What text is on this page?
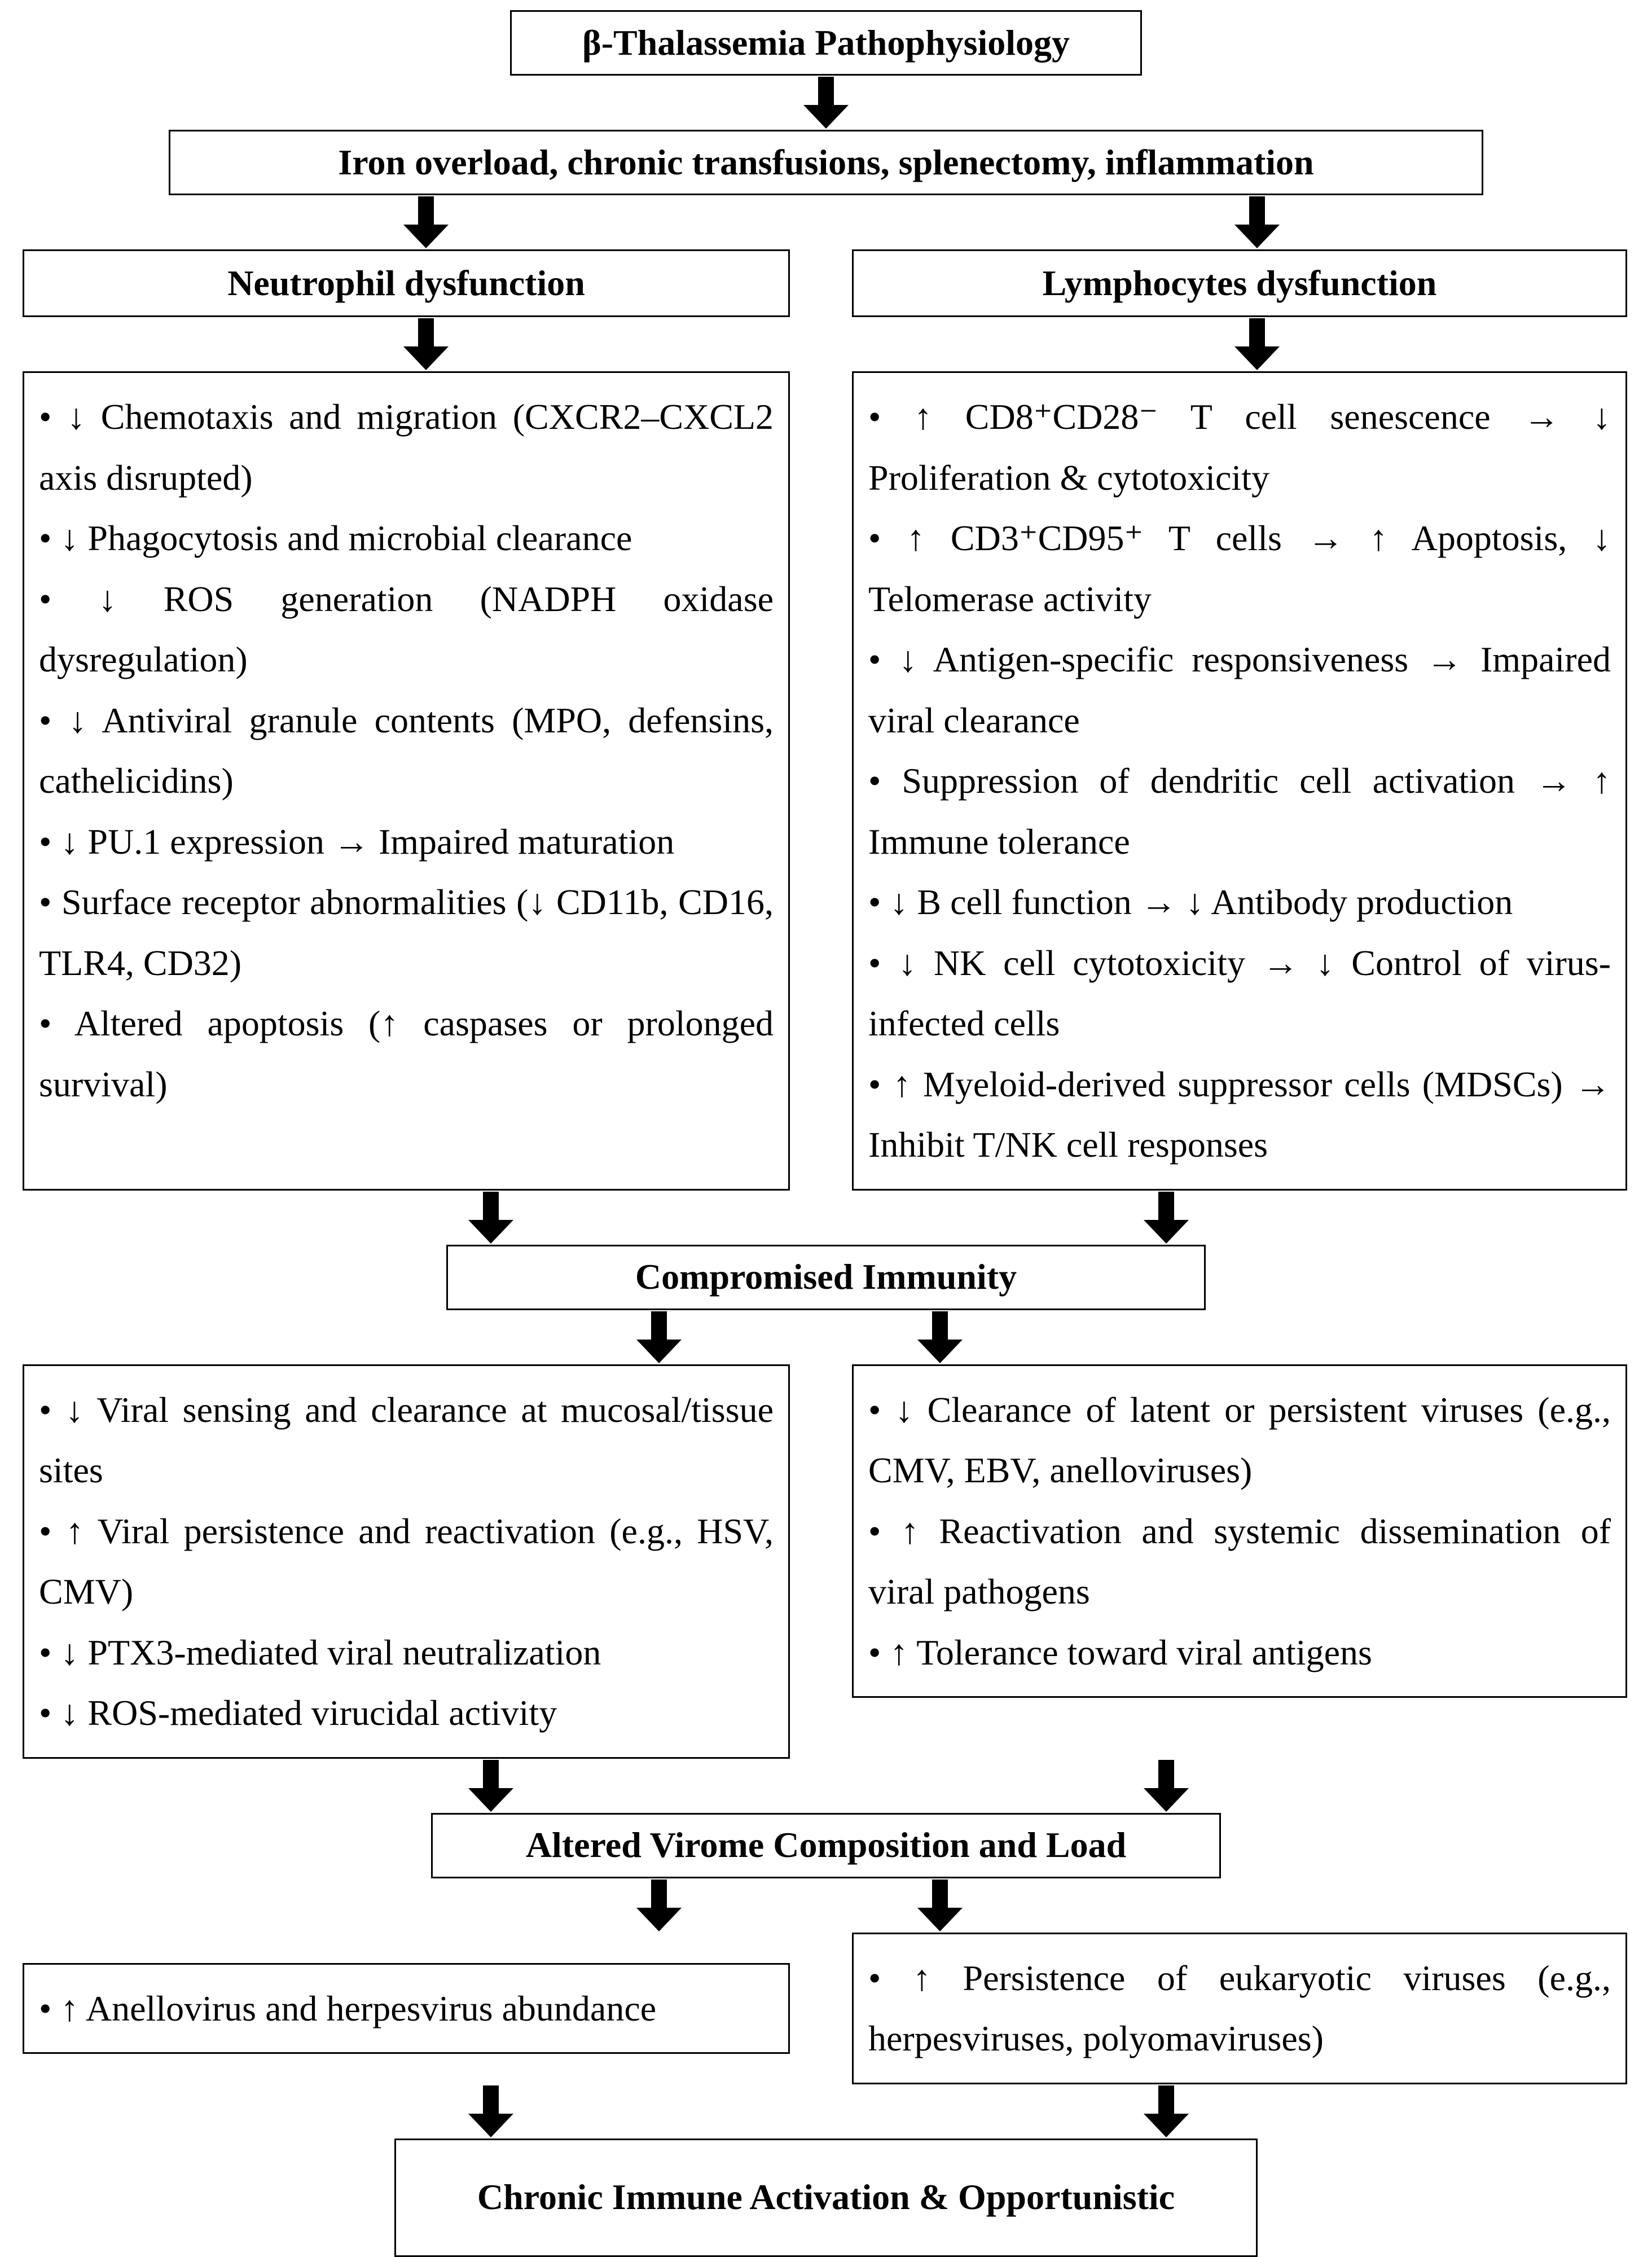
β-Thalassemia Pathophysiology
Iron overload, chronic transfusions, splenectomy, inflammation
Neutrophil dysfunction	Lymphocytes dysfunction

• ↓ Chemotaxis and migration (CXCR2–CXCL2 axis disrupted)

• ↓ Phagocytosis and microbial clearance

• ↓ ROS generation (NADPH oxidase dysregulation)

• ↓ Antiviral granule contents (MPO, defensins, cathelicidins)

• ↓ PU.1 expression → Impaired maturation

• Surface receptor abnormalities (↓ CD11b, CD16, TLR4, CD32)

• Altered apoptosis (↑ caspases or prolonged survival)

• ↑ CD8⁺CD28⁻ T cell senescence → ↓ Proliferation & cytotoxicity

• ↑ CD3⁺CD95⁺ T cells → ↑ Apoptosis, ↓ Telomerase activity

• ↓ Antigen-specific responsiveness → Impaired viral clearance

• Suppression of dendritic cell activation → ↑ Immune tolerance

• ↓ B cell function → ↓ Antibody production

• ↓ NK cell cytotoxicity → ↓ Control of virus-infected cells

• ↑ Myeloid-derived suppressor cells (MDSCs) → Inhibit T/NK cell responses

Compromised Immunity

• ↓ Viral sensing and clearance at mucosal/tissue sites

• ↑ Viral persistence and reactivation (e.g., HSV, CMV)

• ↓ PTX3-mediated viral neutralization

• ↓ ROS-mediated virucidal activity

• ↓ Clearance of latent or persistent viruses (e.g., CMV, EBV, anelloviruses)

• ↑ Reactivation and systemic dissemination of viral pathogens

• ↑ Tolerance toward viral antigens

Altered Virome Composition and Load

• ↑ Anellovirus and herpesvirus abundance

• ↑ Persistence of eukaryotic viruses (e.g., herpesviruses, polyomaviruses)

Chronic Immune Activation & Opportunistic
